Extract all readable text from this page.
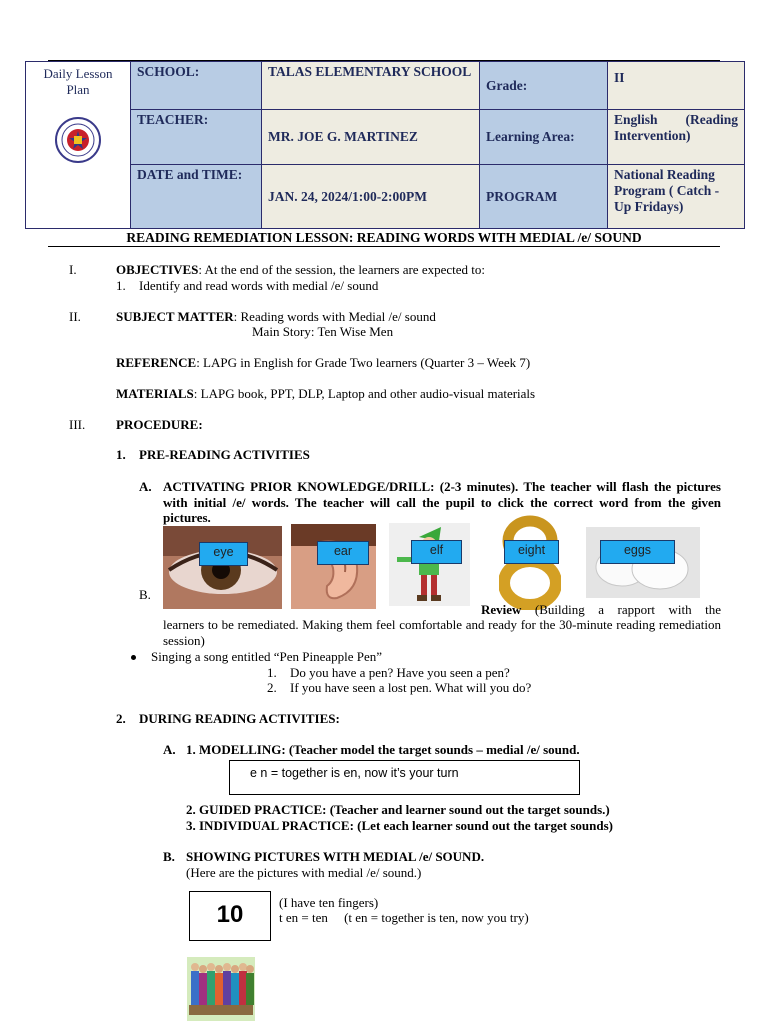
Daily Lesson Plan	SCHOOL:	TALAS ELEMENTARY SCHOOL	Grade:	II
	TEACHER:	MR. JOE G. MARTINEZ	Learning Area:	English (Reading Intervention)
	DATE and TIME:	JAN. 24, 2024/1:00-2:00PM	PROGRAM	National Reading Program ( Catch - Up Fridays)
READING REMEDIATION LESSON: READING WORDS WITH MEDIAL /e/ SOUND
I.	OBJECTIVES: At the end of the session, the learners are expected to:
1. Identify and read words with medial /e/ sound
II.	SUBJECT MATTER: Reading words with Medial /e/ sound
Main Story: Ten Wise Men
REFERENCE: LAPG in English for Grade Two learners (Quarter 3 – Week 7)
MATERIALS: LAPG book, PPT, DLP, Laptop and other audio-visual materials
III. PROCEDURE:
1. PRE-READING ACTIVITIES
A. ACTIVATING PRIOR KNOWLEDGE/DRILL: (2-3 minutes). The teacher will flash the pictures with initial /e/ words. The teacher will call the pupil to click the correct word from the given pictures.
eye	ear	elf	eight	eggs
B.
Review (Building a rapport with the
learners to be remediated. Making them feel comfortable and ready for the 30-minute reading remediation session)
Singing a song entitled “Pen Pineapple Pen”
1. Do you have a pen? Have you seen a pen?
2. If you have seen a lost pen. What will you do?
2. DURING READING ACTIVITIES:
A. 1. MODELLING: (Teacher model the target sounds – medial /e/ sound.
e n = together is en, now it’s your turn
2. GUIDED PRACTICE: (Teacher and learner sound out the target sounds.)
3. INDIVIDUAL PRACTICE: (Let each learner sound out the target sounds)
B. SHOWING PICTURES WITH MEDIAL /e/ SOUND.
(Here are the pictures with medial /e/ sound.)
10	(I have ten fingers)
t en = ten     (t en = together is ten, now you try)
